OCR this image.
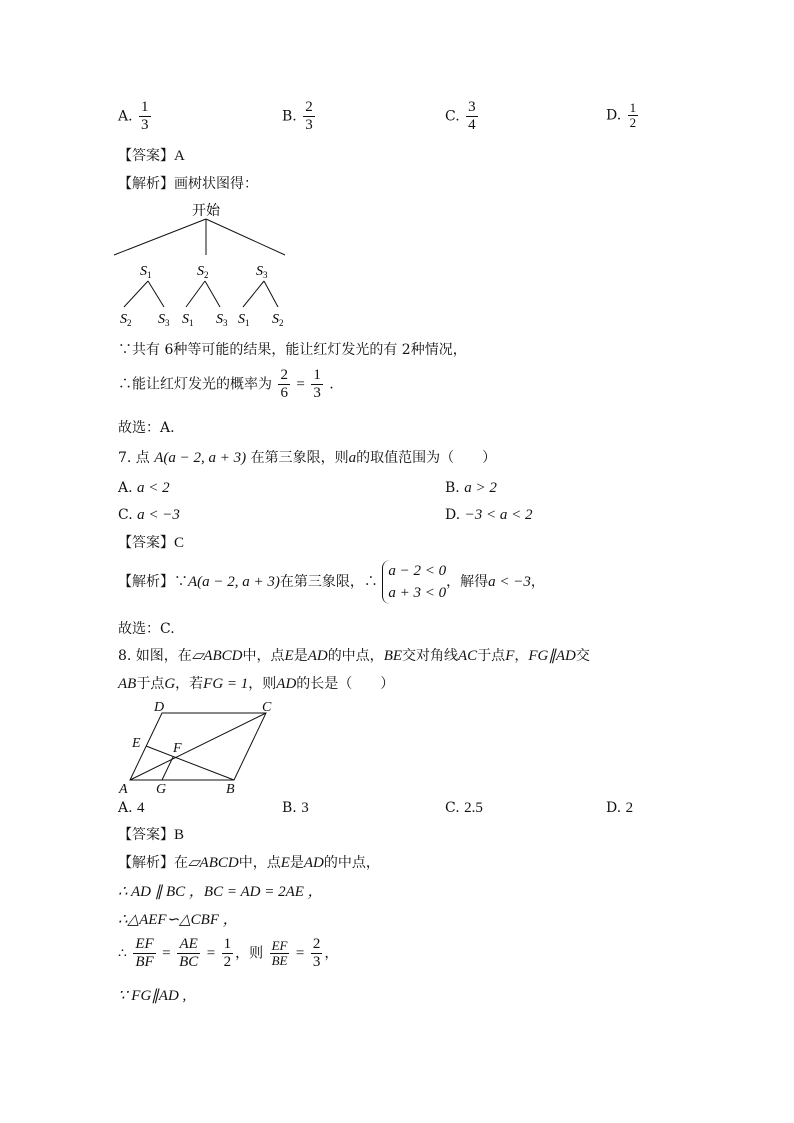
A. $\frac{1}{3}$	B. $\frac{2}{3}$	C. $\frac{3}{4}$	D. $\frac{1}{2}$
【答案】A
【解析】画树状图得：
开始
$S_1$	$S_2$	$S_3$
$S_2$ $S_3$ $S_1$ $S_3$ $S_1$ $S_2$
∵共有 6种等可能的结果，能让红灯发光的有 2种情况，
∴能让红灯发光的概率为 $\frac{2}{6} = \frac{1}{3}$ .
故选：A.
7. 点 A(a − 2, a + 3) 在第三象限，则a的取值范围为（　　）
A. a < 2	B. a > 2
C. a < −3	D. −3 < a < 2
【答案】C
【解析】∵A(a − 2, a + 3)在第三象限，∴
a − 2 < 0
a + 3 < 0
，解得a < −3，
故选：C.
8. 如图，在▱ABCD中，点E是AD的中点，BE交对角线AC于点F，FG∥AD交
AB于点G，若FG = 1，则AD的长是（　　）
A	B
C
D
E F
G
A. 4	B. 3	C. 2.5	D. 2
【答案】B
【解析】在▱ABCD中，点E是AD的中点，
∴ AD ∥ BC ，BC = AD = 2AE ，
∴△AEF∽△CBF ，
∴ $\frac{EF}{BF} = \frac{AE}{BC} = \frac{1}{2}$ ，则 $\frac{EF}{BE} = \frac{2}{3}$ ，
∵ FG∥AD ,
